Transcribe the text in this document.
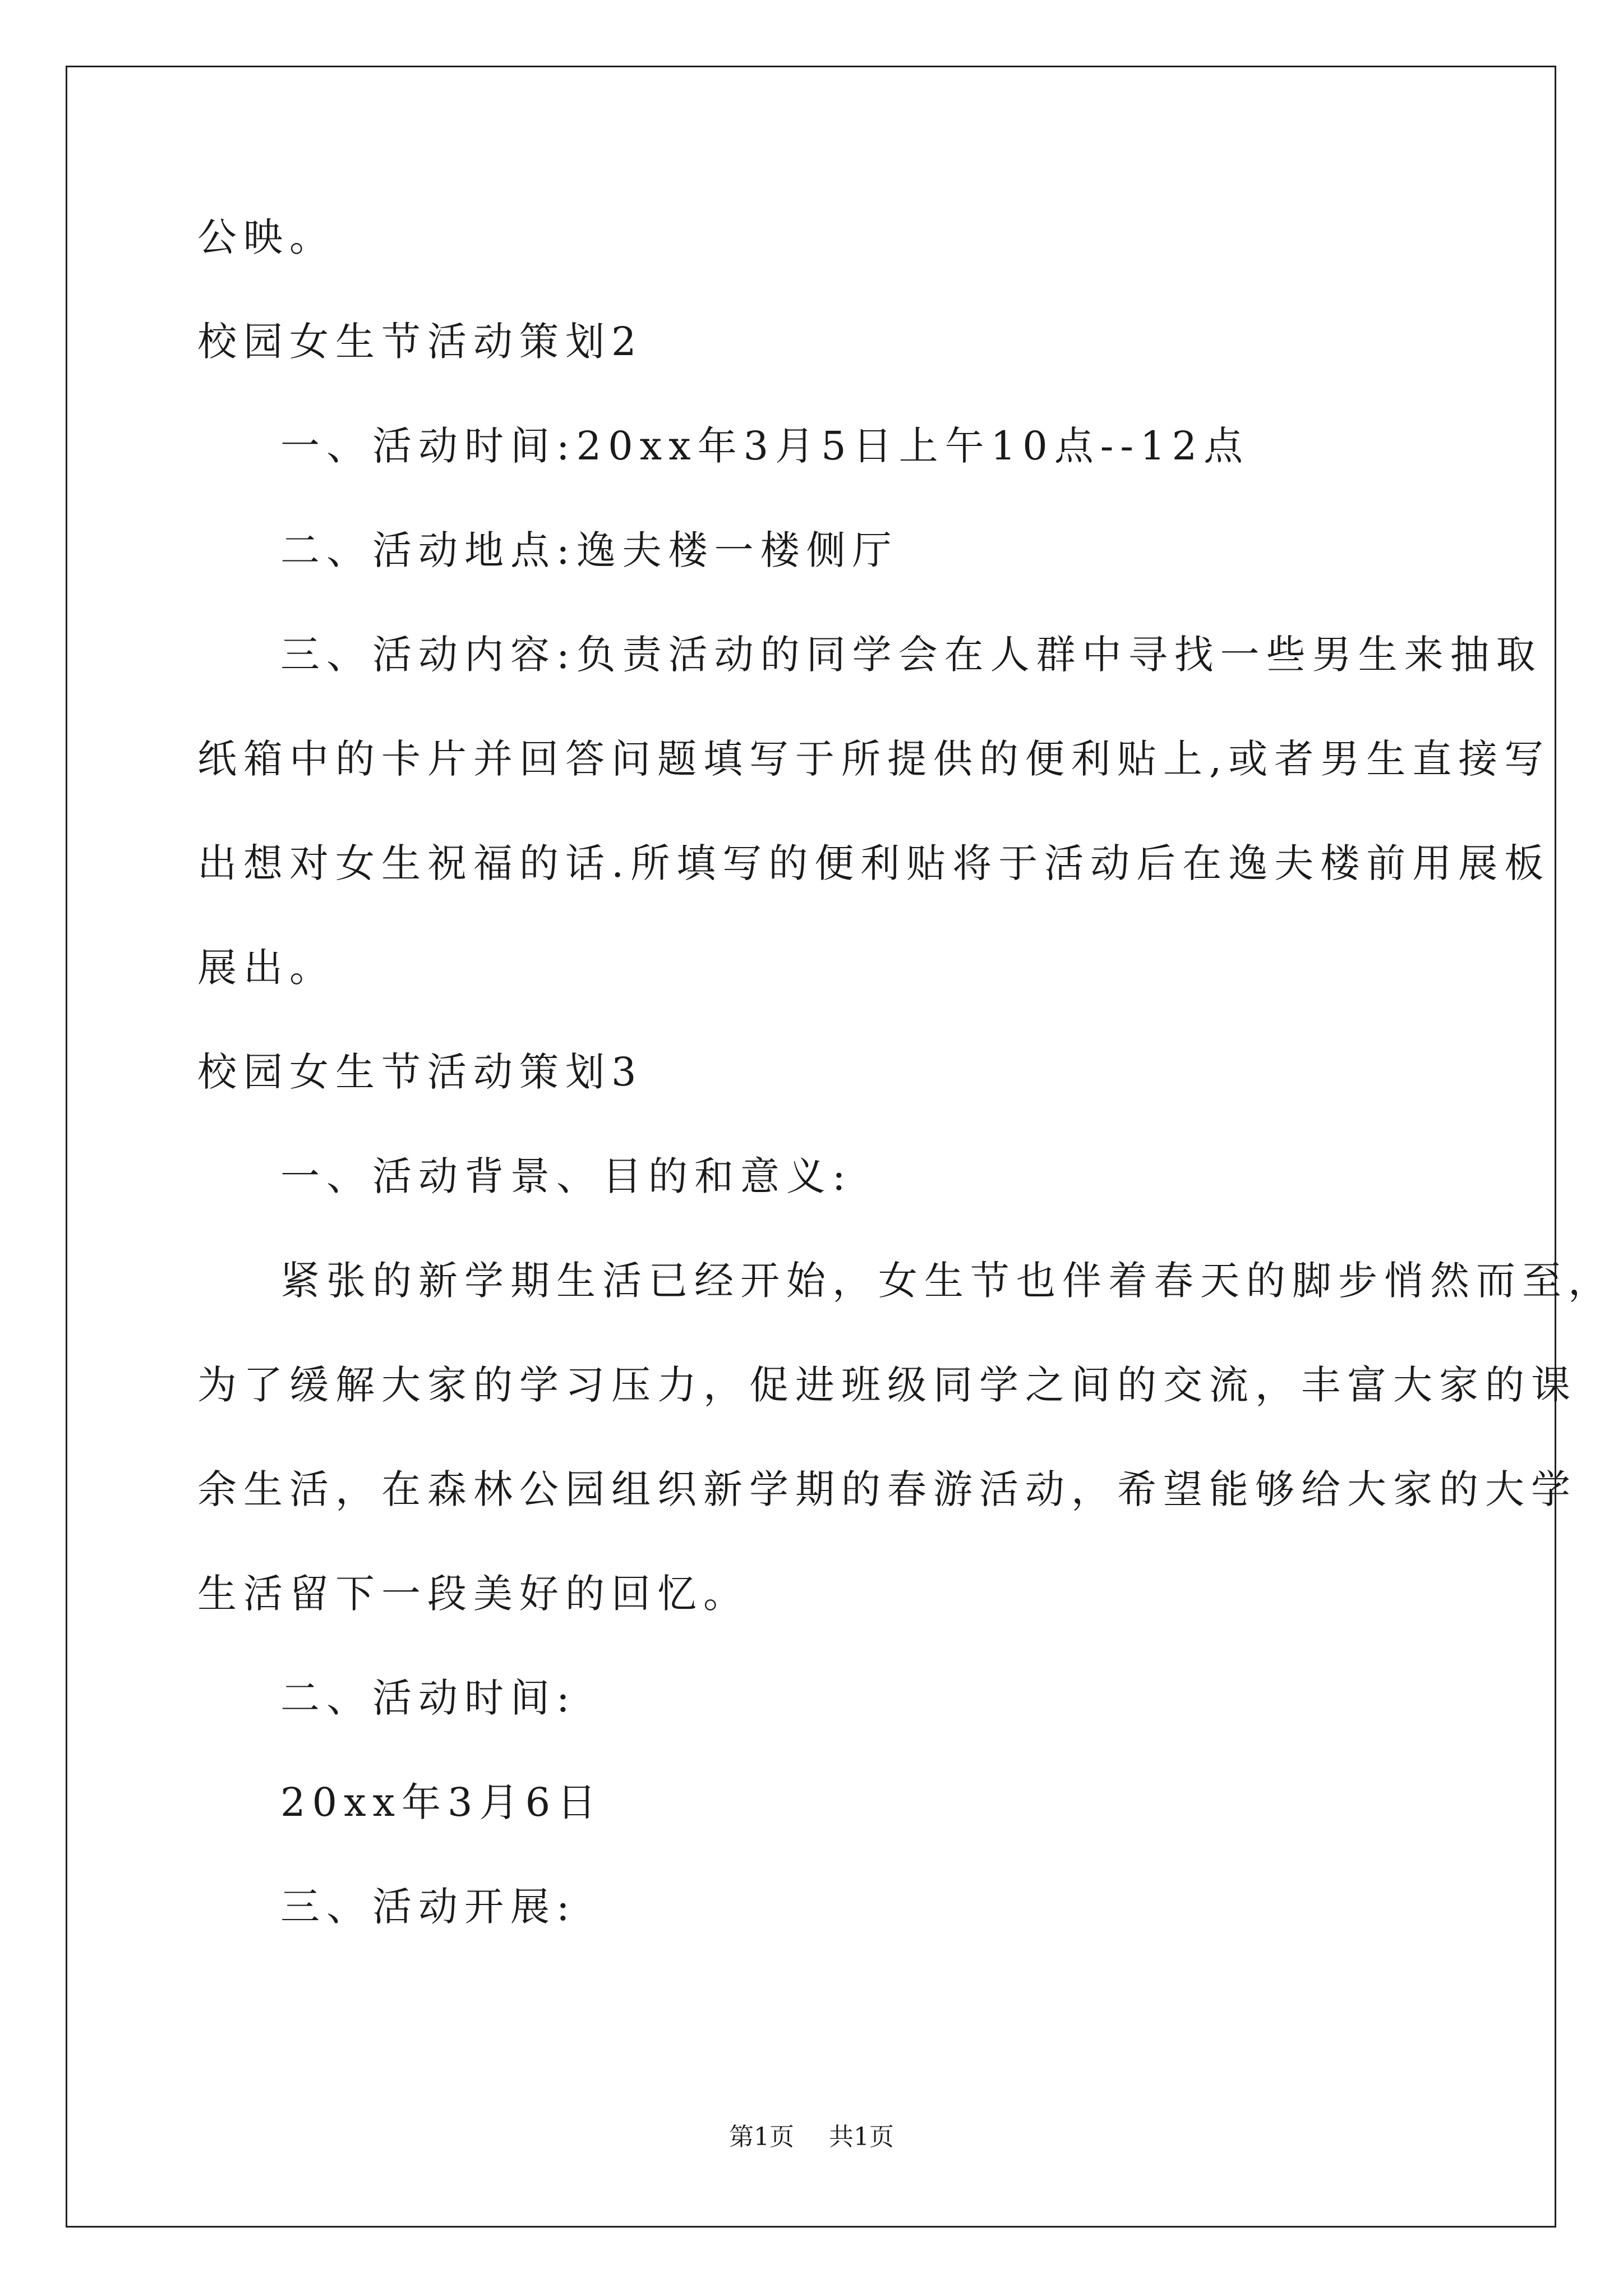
公映。
校园女生节活动策划2
一、活动时间:20xx年3月5日上午10点--12点
二、活动地点:逸夫楼一楼侧厅
三、活动内容:负责活动的同学会在人群中寻找一些男生来抽取
纸箱中的卡片并回答问题填写于所提供的便利贴上,或者男生直接写
出想对女生祝福的话.所填写的便利贴将于活动后在逸夫楼前用展板
展出。
校园女生节活动策划3
一、活动背景、目的和意义:
紧张的新学期生活已经开始，女生节也伴着春天的脚步悄然而至，
为了缓解大家的学习压力，促进班级同学之间的交流，丰富大家的课
余生活，在森林公园组织新学期的春游活动，希望能够给大家的大学
生活留下一段美好的回忆。
二、活动时间:
20xx年3月6日
三、活动开展:
第1页 共1页
